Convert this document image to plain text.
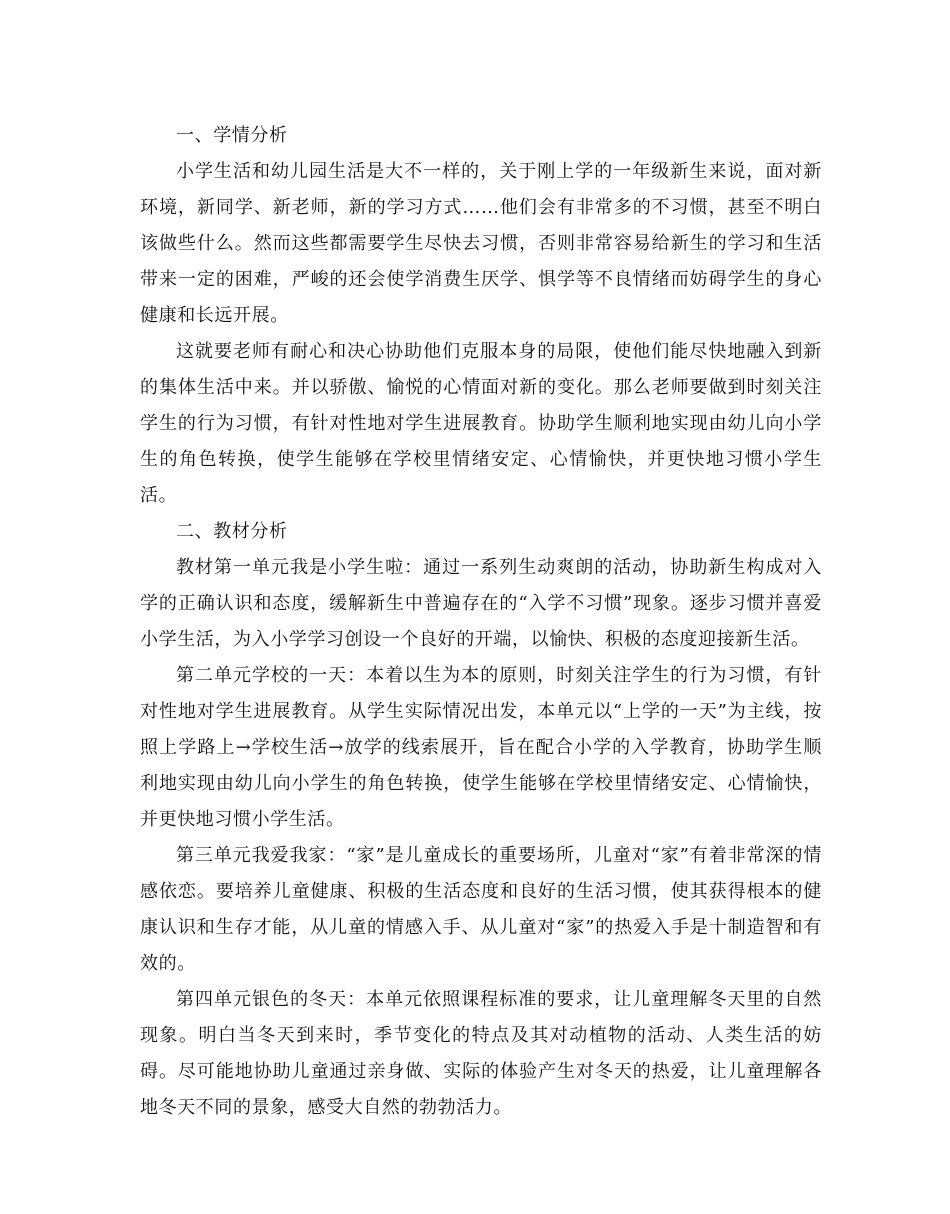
一、学情分析

小学生活和幼儿园生活是大不一样的，关于刚上学的一年级新生来说，面对新环境，新同学、新老师，新的学习方式……他们会有非常多的不习惯，甚至不明白该做些什么。然而这些都需要学生尽快去习惯，否则非常容易给新生的学习和生活带来一定的困难，严峻的还会使学消费生厌学、惧学等不良情绪而妨碍学生的身心健康和长远开展。

这就要老师有耐心和决心协助他们克服本身的局限，使他们能尽快地融入到新的集体生活中来。并以骄傲、愉悦的心情面对新的变化。那么老师要做到时刻关注学生的行为习惯，有针对性地对学生进展教育。协助学生顺利地实现由幼儿向小学生的角色转换，使学生能够在学校里情绪安定、心情愉快，并更快地习惯小学生活。

二、教材分析

教材第一单元我是小学生啦：通过一系列生动爽朗的活动，协助新生构成对入学的正确认识和态度，缓解新生中普遍存在的“入学不习惯”现象。逐步习惯并喜爱小学生活，为入小学学习创设一个良好的开端，以愉快、积极的态度迎接新生活。

第二单元学校的一天：本着以生为本的原则，时刻关注学生的行为习惯，有针对性地对学生进展教育。从学生实际情况出发，本单元以“上学的一天”为主线，按照上学路上→学校生活→放学的线索展开，旨在配合小学的入学教育，协助学生顺利地实现由幼儿向小学生的角色转换，使学生能够在学校里情绪安定、心情愉快，并更快地习惯小学生活。

第三单元我爱我家：“家”是儿童成长的重要场所，儿童对“家”有着非常深的情感依恋。要培养儿童健康、积极的生活态度和良好的生活习惯，使其获得根本的健康认识和生存才能，从儿童的情感入手、从儿童对“家”的热爱入手是十制造智和有效的。

第四单元银色的冬天：本单元依照课程标准的要求，让儿童理解冬天里的自然现象。明白当冬天到来时，季节变化的特点及其对动植物的活动、人类生活的妨碍。尽可能地协助儿童通过亲身做、实际的体验产生对冬天的热爱，让儿童理解各地冬天不同的景象，感受大自然的勃勃活力。
